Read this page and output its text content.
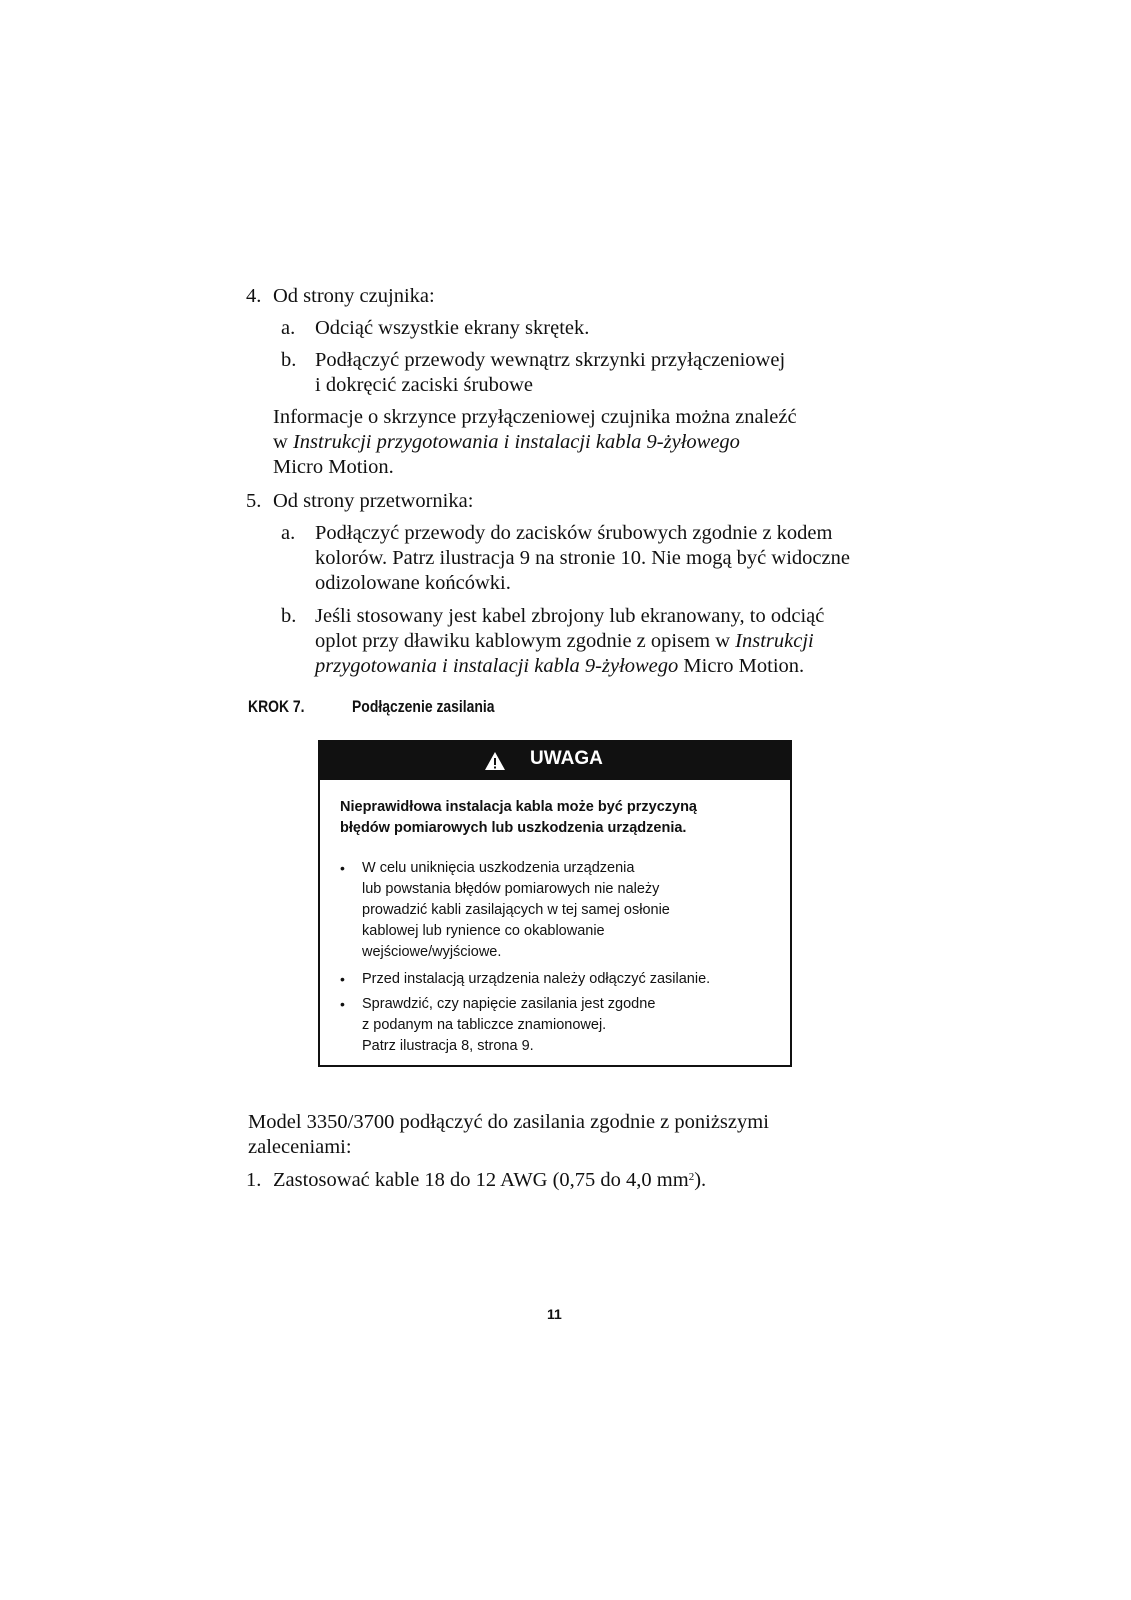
4. Od strony czujnika:
a. Odciąć wszystkie ekrany skrętek.
b. Podłączyć przewody wewnątrz skrzynki przyłączeniowej
i dokręcić zaciski śrubowe
Informacje o skrzynce przyłączeniowej czujnika można znaleźć
w Instrukcji przygotowania i instalacji kabla 9-żyłowego
Micro Motion.
5. Od strony przetwornika:
a. Podłączyć przewody do zacisków śrubowych zgodnie z kodem
kolorów. Patrz ilustracja 9 na stronie 10. Nie mogą być widoczne
odizolowane końcówki.
b. Jeśli stosowany jest kabel zbrojony lub ekranowany, to odciąć
oplot przy dławiku kablowym zgodnie z opisem w Instrukcji
przygotowania i instalacji kabla 9-żyłowego Micro Motion.
KROK 7.	Podłączenie zasilania
UWAGA
Nieprawidłowa instalacja kabla może być przyczyną
błędów pomiarowych lub uszkodzenia urządzenia.
• W celu uniknięcia uszkodzenia urządzenia
lub powstania błędów pomiarowych nie należy
prowadzić kabli zasilających w tej samej osłonie
kablowej lub rynience co okablowanie
wejściowe/wyjściowe.
• Przed instalacją urządzenia należy odłączyć zasilanie.
• Sprawdzić, czy napięcie zasilania jest zgodne
z podanym na tabliczce znamionowej.
Patrz ilustracja 8, strona 9.
Model 3350/3700 podłączyć do zasilania zgodnie z poniższymi
zaleceniami:
1. Zastosować kable 18 do 12 AWG (0,75 do 4,0 $mm^2$).
11
